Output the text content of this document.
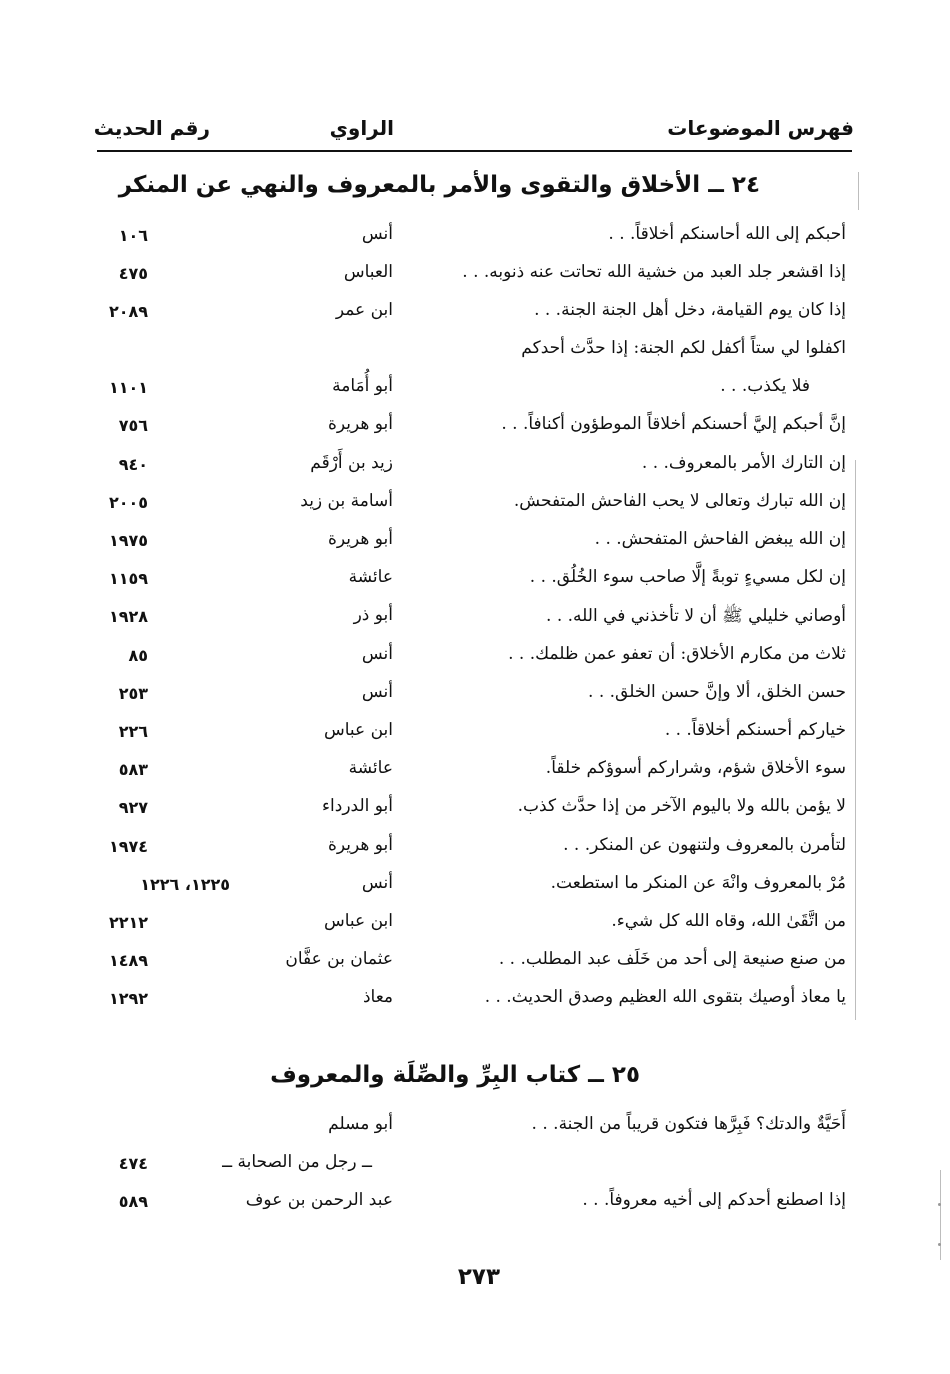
فهرس الموضوعات
الراوي
رقم الحديث
٢٤ ــ الأخلاق والتقوى والأمر بالمعروف والنهي عن المنكر
أحبكم إلى الله أحاسنكم أخلاقاً. . .
أنس
١٠٦
إذا اقشعر جلد العبد من خشية الله تحاتت عنه ذنوبه. . .
العباس
٤٧٥
إذا كان يوم القيامة، دخل أهل الجنة الجنة. . .
ابن عمر
٢٠٨٩
اكفلوا لي ستاً أكفل لكم الجنة: إذا حدَّث أحدكم
فلا يكذب. . .
أبو أُمَامة
١١٠١
إنَّ أحبكم إليَّ أحسنكم أخلاقاً الموطؤون أكنافاً. . .
أبو هريرة
٧٥٦
إن التارك الأمر بالمعروف. . .
زيد بن أَرْقَم
٩٤٠
إن الله تبارك وتعالى لا يحب الفاحش المتفحش.
أسامة بن زيد
٢٠٠٥
إن الله يبغض الفاحش المتفحش. . .
أبو هريرة
١٩٧٥
إن لكل مسيءٍ توبةً إلَّا صاحب سوء الخُلُق. . .
عائشة
١١٥٩
أوصاني خليلي ﷺ أن لا تأخذني في الله. . .
أبو ذر
١٩٢٨
ثلاث من مكارم الأخلاق: أن تعفو عمن ظلمك. . .
أنس
٨٥
حسن الخلق، ألا وإنَّ حسن الخلق. . .
أنس
٢٥٣
خياركم أحسنكم أخلاقاً. . .
ابن عباس
٢٢٦
سوء الأخلاق شؤم، وشراركم أسوؤكم خلقاً.
عائشة
٥٨٣
لا يؤمن بالله ولا باليوم الآخر من إذا حدَّث كذب.
أبو الدرداء
٩٢٧
لتأمرن بالمعروف ولتنهون عن المنكر. . .
أبو هريرة
١٩٧٤
مُرْ بالمعروف وانْهَ عن المنكر ما استطعت.
أنس
١٢٢٥، ١٢٢٦
من اتَّقَىٰ الله، وقاه الله كل شيء.
ابن عباس
٢٢١٢
من صنع صنيعة إلى أحد من خَلَف عبد المطلب. . .
عثمان بن عفَّان
١٤٨٩
يا معاذ أوصيك بتقوى الله العظيم وصدق الحديث. . .
معاذ
١٢٩٢
٢٥ ــ كتاب البِرِّ والصِّلَة والمعروف
أَحَيَّةٌ والدتك؟ فَبِرَّها فتكون قريباً من الجنة. . .
أبو مسلم
ــ رجل من الصحابة ــ
٤٧٤
إذا اصطنع أحدكم إلى أخيه معروفاً. . .
عبد الرحمن بن عوف
٥٨٩
٢٧٣
